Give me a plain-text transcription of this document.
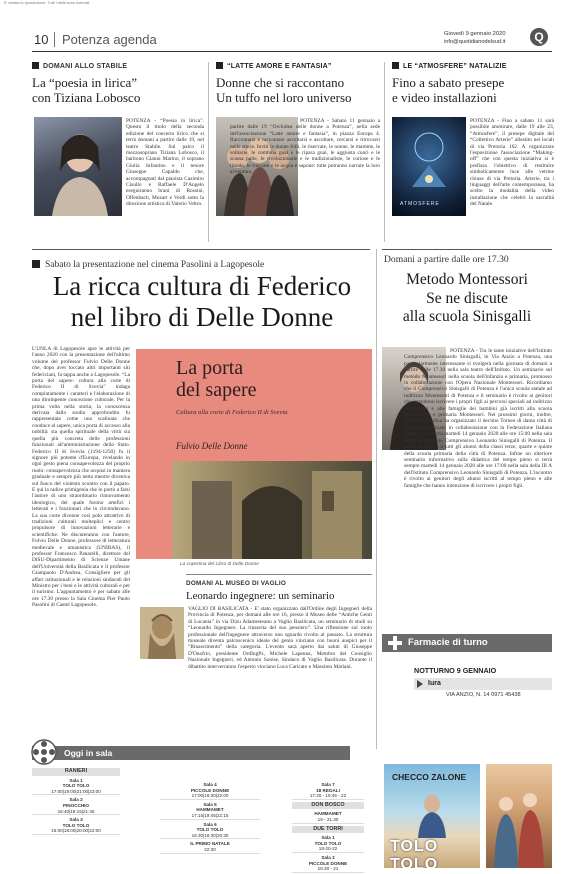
E' vietata la riproduzione. Tutti i diritti sono riservati
10 Potenza agenda	Giovedì 9 gennaio 2020
info@quotidianodelsud.it	Q
DOMANI ALLO STABILE
La “poesia in lirica”
con Tiziana Lobosco
POTENZA - “Poesia in lirica”. Questo il titolo della seconda edizione del concerto lirico che si terrà domani a partire dalle 19, nel teatro Stabile. Sul palco il mezzosoprano Tiziana Lobosco, il baritono Gianni Marino, il soprano Giulia Infantino e il tenore Giuseppe Capaldo che, accompagnati dal pianista Casimiro Cisullo e Raffaele D'Angelo eseguiranno brani di Rossini, Offenbach, Mozart e Verdi sotto la direzione artistica di Valerio Veltro.
“LATTE AMORE E FANTASIA”
Donne che si raccontano
Un tuffo nel loro universo
POTENZA - Sabato 11 gennaio a partire dalle 19 “Orchidea delle donne a Potenza”, nella sede dell'associazione “Latte amore e fantasia”, in piazza Europa 4. Raccontarsi e raccontare ascoltarsi e ascoltare, cercarsi e ritrovarsi nelle storie. Inviti le donne folli, le riservate, le nonne, le mamme, le solitarie, le combina guai e le ripara guai, le aggiusta cuori e le scassa palle, le rivoluzionarie e le tradizionaliste, le curiose e le timide, le truccate e le acqua e sapone: tutte potranno narrare la loro avventura.
LE “ATMOSFERE” NATALIZIE
Fino a sabato presepe
e video installazioni
ATMOSFERE
POTENZA - Fino a sabato 11 sarà possibile ammirare, dalle 19 alle 23, “Atmosfere”, il presepe digitale del “Collettivo Arterie” allestito nei locali di via Pretoria 162. A organizzare l'esposizione l'associazione “Making-off” che con questa iniziativa si è prefissa l'obiettivo di restituire simbolicamente luce alle vetrine chiuse di via Pretoria. Arterie, tra i linguaggi dell'arte contemporanea, ha scelto la modalità della video installazione che celebri la sacralità del Natale.
Sabato la presentazione nel cinema Pasolini a Lagopesole
La ricca cultura di Federico
nel libro di Delle Donne
L'UNLA di Lagopesole apre le attività per l'anno 2020 con la presentazione dell'ultimo volume del professor Fulvio Delle Donne che, dopo aver toccato altri importanti siti federiciani, fa tappa anche a Lagopesole. “La porta del sapere: cultura alla corte di Federico II di Svevia” indaga compiutamente i caratteri e l'elaborazione di una dirompente concezione culturale. Per la prima volta nella storia, la conoscenza derivata dallo studio approfondito fu rappresentata come una scalinata che conduce al sapere, unica porta di accesso alla nobiltà: sia quella spirituale della virtù sia quella più concreta delle professioni funzionali all'amministrazione dello Stato. Federico II di Svevia (1194-1250) fu il signore più potente d'Europa, rivelando in ogni gesto piena consapevolezza del proprio ruolo: consapevolezza che acquisì in maniera graduale e sempre più netta mentre diveniva sul fuoco del violento scontro con il papato. E qui la radice primigenia che lo portò a farsi l'autore di uno straordinario rinnovamento ideologico, del quale furono artefici i letterati e i funzionari che lo circondavano. La sua corte divenne così polo attrattivo di tradizioni culturali molteplici e centro propulsore di innovazioni letterarie e scientifiche. Ne discuteranno con l'autore, Fulvio Delle Donne, professore di letteratura medievale e umanistica (UNIBAS), il professor Francesco Panarelli, direttore del DiSU-Dipartimento di Scienze Umane dell'Università della Basilicata e il professor Giampaolo D'Andrea, Consigliere per gli affari istituzionali e le relazioni sindacali del Ministro per i beni e le attività culturali e per il turismo. L'appuntamento è per sabato alle ore 17.30 presso la Sala Cinema Pier Paolo Pasolini di Castel Lagopesole.
La porta
del sapere
Cultura alla corte di Federico II di Svevia
Fulvio Delle Donne
La copertina del Libro di Delle Donne
DOMANI AL MUSEO DI VAGLIO
Leonardo ingegnere: un seminario
VAGLIO DI BASILICATA - E' stato organizzato dall'Ordine degli Ingegneri della Provincia di Potenza, per domani alle ore 16, presso il Museo delle “Antiche Genti di Lucania” in via Dizu Adamesteanu a Vaglio Basilicata, un seminario di studi su “Leonardo Ingegnere. La rinascita del suo pensiero”. Una riflessione sul ruolo professionale dell'ingegnere attraverso uno sguardo rivolto al passato. La struttura museale diventa palcoscenico ideale del genio vinciano con buoni auspici per il “Rinascimento” della categoria. L'evento sarà aperto dai saluti di Giuseppe D'Onofrio, presidente OrdIngPz, Michele Lapenna, Membro del Consiglio Nazionale Ingegneri, ed Antonio Sonise, Sindaco di Vaglio Basilicata. Durante il dibattito interverranno l'esperto vinciano Luca Caricato e Massimo Mariani.
Domani a partire dalle ore 17.30
Metodo Montessori
Se ne discute
alla scuola Sinisgalli
POTENZA - Tra le tante iniziative dell'Istituto Comprensivo Leonardo Sinisgalli, in Via Anzio a Potenza, una particolarmente interessante si svolgerà nella giornata di domani a partire dalle 17.30 nella sala teatro dell'Istituto. Un seminario sul metodo Montessori nella scuola dell'infanzia e primaria, promosso in collaborazione con l'Opera Nazionale Montessori. Ricordiamo che il Comprensivo Sinisgalli di Potenza è l'unica scuola statale ad indirizzo Montessori di Potenza e il seminario è rivolto ai genitori che intendono iscrivere i propri figli ai percorsi speciali ad indirizzo Montessori e alle famiglie dei bambini già iscritti alla scuola dell'infanzia e primaria Montessori. Nei prossimi giorni, inoltre, l'Istituto cittadino ha organizzato il decimo Torneo di dama città di Potenza, realizzato in collaborazione con la Federazione Italiana dama, che si terrà martedì 14 gennaio 2020 alle ore 15:00 nella sala teatro dell'Istituto Comprensivo Leonardo Sinisgalli di Potenza. Il torneo è rivolto a tutti gli alunni della classi terze, quarte e quinte della scuola primaria della città di Potenza. Infine un ulteriore seminario informativo sulla didattica del tempo pieno si terrà sempre martedì 14 gennaio 2020 alle ore 17:00 nella sala della III A dell'Istituto Comprensivo Leonardo Sinisgalli di Potenza. L'incontro è rivolto ai genitori degli alunni iscritti al tempo pieno e alle famiglie che hanno intenzione di iscrivere i propri figli.
Farmacie di turno
NOTTURNO 9 GENNAIO
Iura
VIA ANZIO, N. 14 0971 45438
Oggi in sala
RANIERI
Sala 1
TOLO TOLO
17:00|19:00|21:00|23:00
Sala 2
PINOCCHIO
16:40|19:15|21:45
Sala 3
TOLO TOLO
16:00|18:00|20:00|22:00
Sala 4
PICCOLE DONNE
17:00|19:30|22:00
Sala 5
HAMMAMET
17:15|19:45|22:15
Sala 6
TOLO TOLO
16:30|18:30|20:30
IL PRIMO NATALE
22:30
Sala 7
18 REGALI
17:20 - 19:45 - 22
DON BOSCO
HAMMAMET
19 - 21.30
DUE TORRI
Sala 1
TOLO TOLO
18-20-22
Sala 2
PICCOLE DONNE
18.30 - 21
CHECCO ZALONE
TOLO TOLO
